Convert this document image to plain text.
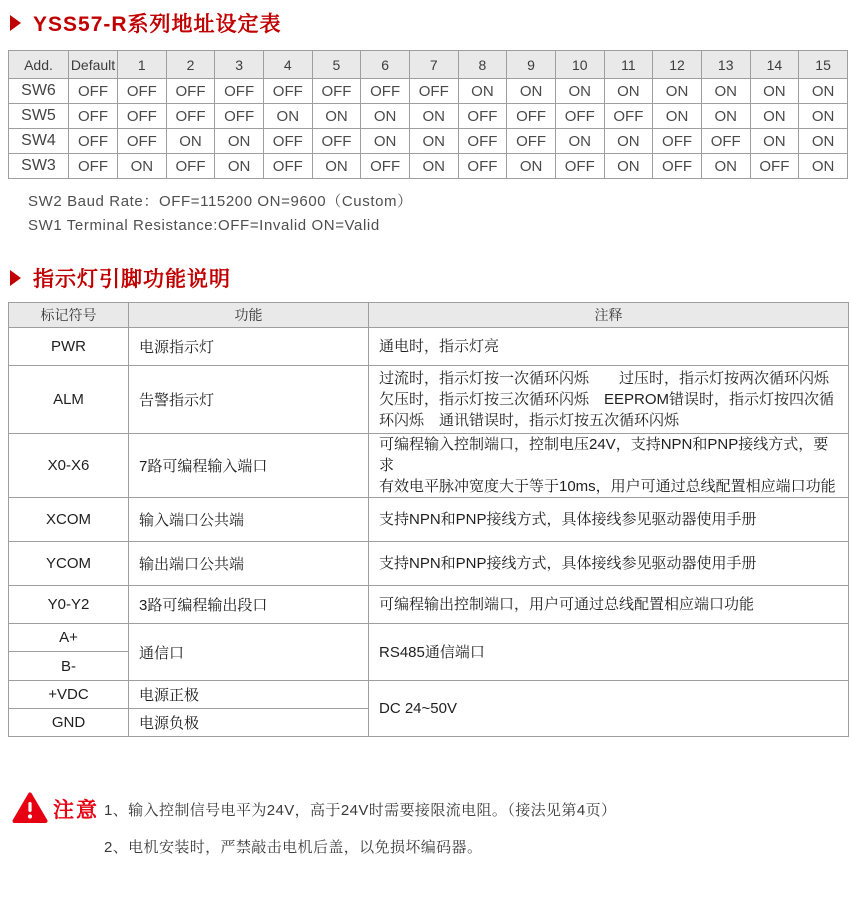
YSS57-R系列地址设定表
Add.	Default	1	2	3	4	5	6	7	8	9	10	11	12	13	14	15
SW6	OFF	OFF	OFF	OFF	OFF	OFF	OFF	OFF	ON	ON	ON	ON	ON	ON	ON	ON
SW5	OFF	OFF	OFF	OFF	ON	ON	ON	ON	OFF	OFF	OFF	OFF	ON	ON	ON	ON
SW4	OFF	OFF	ON	ON	OFF	OFF	ON	ON	OFF	OFF	ON	ON	OFF	OFF	ON	ON
SW3	OFF	ON	OFF	ON	OFF	ON	OFF	ON	OFF	ON	OFF	ON	OFF	ON	OFF	ON

SW2 Baud Rate：OFF=115200 ON=9600（Custom）

SW1 Terminal Resistance:OFF=Invalid ON=Valid

指示灯引脚功能说明
标记符号	功能	注释
PWR	电源指示灯	通电时，指示灯亮

ALM	告警指示灯	过流时，指示灯按一次循环闪烁　　过压时，指示灯按两次循环闪烁
欠压时，指示灯按三次循环闪烁　EEPROM错误时，指示灯按四次循
环闪烁　通讯错误时，指示灯按五次循环闪烁

X0-X6	7路可编程输入端口	可编程输入控制端口，控制电压24V，支持NPN和PNP接线方式，要求
有效电平脉冲宽度大于等于10ms，用户可通过总线配置相应端口功能

XCOM	输入端口公共端	支持NPN和PNP接线方式，具体接线参见驱动器使用手册

YCOM	输出端口公共端	支持NPN和PNP接线方式，具体接线参见驱动器使用手册

Y0-Y2	3路可编程输出段口	可编程输出控制端口，用户可通过总线配置相应端口功能

A+	通信口	RS485通信端口

B-		
+VDC	电源正极	DC 24~50V

GND	电源负极	

注意 1、输入控制信号电平为24V，高于24V时需要接限流电阻。（接法见第4页）

2、电机安装时，严禁敲击电机后盖，以免损坏编码器。
